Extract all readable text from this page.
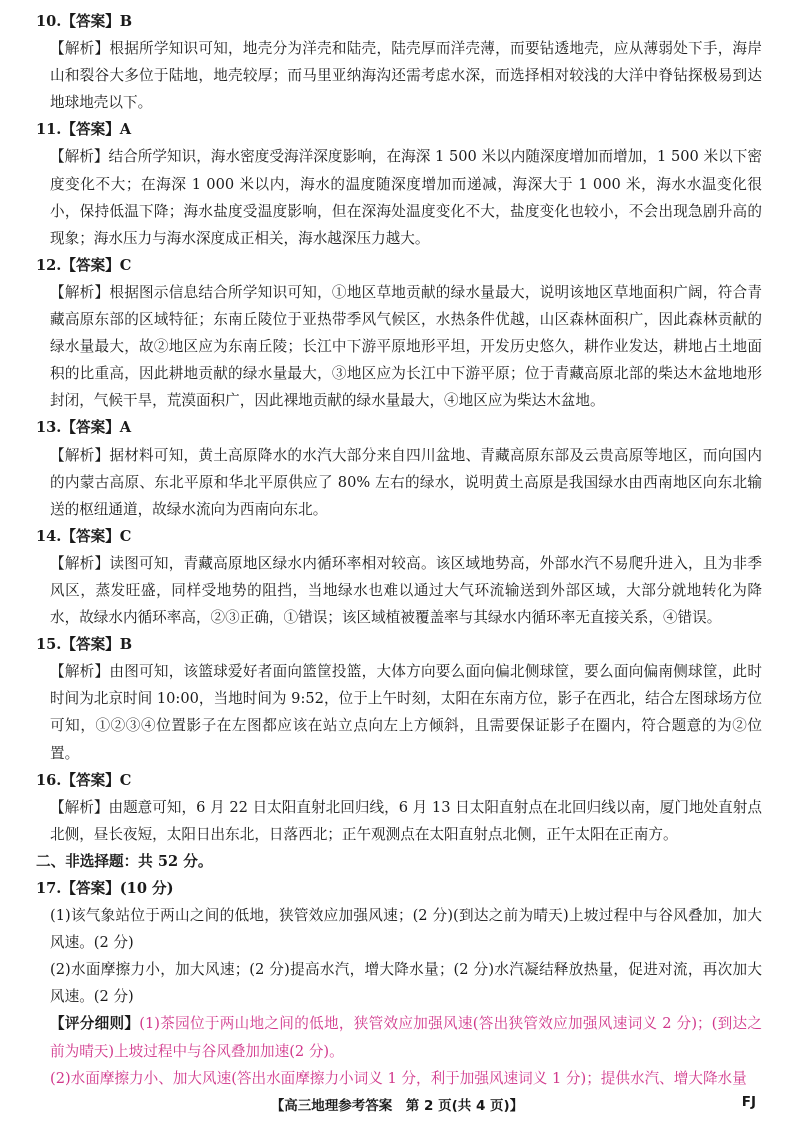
10.【答案】B

【解析】根据所学知识可知，地壳分为洋壳和陆壳，陆壳厚而洋壳薄，而要钻透地壳，应从薄弱处下手，海岸山和裂谷大多位于陆地，地壳较厚；而马里亚纳海沟还需考虑水深，而选择相对较浅的大洋中脊钻探极易到达地球地壳以下。

11.【答案】A

【解析】结合所学知识，海水密度受海洋深度影响，在海深 1 500 米以内随深度增加而增加，1 500 米以下密度变化不大；在海深 1 000 米以内，海水的温度随深度增加而递减，海深大于 1 000 米，海水水温变化很小，保持低温下降；海水盐度受温度影响，但在深海处温度变化不大，盐度变化也较小，不会出现急剧升高的现象；海水压力与海水深度成正相关，海水越深压力越大。

12.【答案】C

【解析】根据图示信息结合所学知识可知，①地区草地贡献的绿水量最大，说明该地区草地面积广阔，符合青藏高原东部的区域特征；东南丘陵位于亚热带季风气候区，水热条件优越，山区森林面积广，因此森林贡献的绿水量最大，故②地区应为东南丘陵；长江中下游平原地形平坦，开发历史悠久，耕作业发达，耕地占土地面积的比重高，因此耕地贡献的绿水量最大，③地区应为长江中下游平原；位于青藏高原北部的柴达木盆地地形封闭，气候干旱，荒漠面积广，因此裸地贡献的绿水量最大，④地区应为柴达木盆地。

13.【答案】A

【解析】据材料可知，黄土高原降水的水汽大部分来自四川盆地、青藏高原东部及云贵高原等地区，而向国内的内蒙古高原、东北平原和华北平原供应了 80% 左右的绿水，说明黄土高原是我国绿水由西南地区向东北输送的枢纽通道，故绿水流向为西南向东北。

14.【答案】C

【解析】读图可知，青藏高原地区绿水内循环率相对较高。该区域地势高，外部水汽不易爬升进入，且为非季风区，蒸发旺盛，同样受地势的阻挡，当地绿水也难以通过大气环流输送到外部区域，大部分就地转化为降水，故绿水内循环率高，②③正确，①错误；该区域植被覆盖率与其绿水内循环率无直接关系，④错误。

15.【答案】B

【解析】由图可知，该篮球爱好者面向篮筐投篮，大体方向要么面向偏北侧球筐，要么面向偏南侧球筐，此时时间为北京时间 10:00，当地时间为 9:52，位于上午时刻，太阳在东南方位，影子在西北，结合左图球场方位可知，①②③④位置影子在左图都应该在站立点向左上方倾斜，且需要保证影子在圈内，符合题意的为②位置。

16.【答案】C

【解析】由题意可知，6 月 22 日太阳直射北回归线，6 月 13 日太阳直射点在北回归线以南，厦门地处直射点北侧，昼长夜短，太阳日出东北，日落西北；正午观测点在太阳直射点北侧，正午太阳在正南方。

二、非选择题：共 52 分。

17.【答案】(10 分)

(1)该气象站位于两山之间的低地，狭管效应加强风速；(2 分)(到达之前为晴天)上坡过程中与谷风叠加，加大风速。(2 分)

(2)水面摩擦力小，加大风速；(2 分)提高水汽，增大降水量；(2 分)水汽凝结释放热量，促进对流，再次加大风速。(2 分)

【评分细则】(1)茶园位于两山地之间的低地，狭管效应加强风速(答出狭管效应加强风速词义 2 分)；(到达之前为晴天)上坡过程中与谷风叠加加速(2 分)。

(2)水面摩擦力小、加大风速(答出水面摩擦力小词义 1 分，利于加强风速词义 1 分)；提供水汽、增大降水量

【高三地理参考答案　第 2 页(共 4 页)】	FJ
